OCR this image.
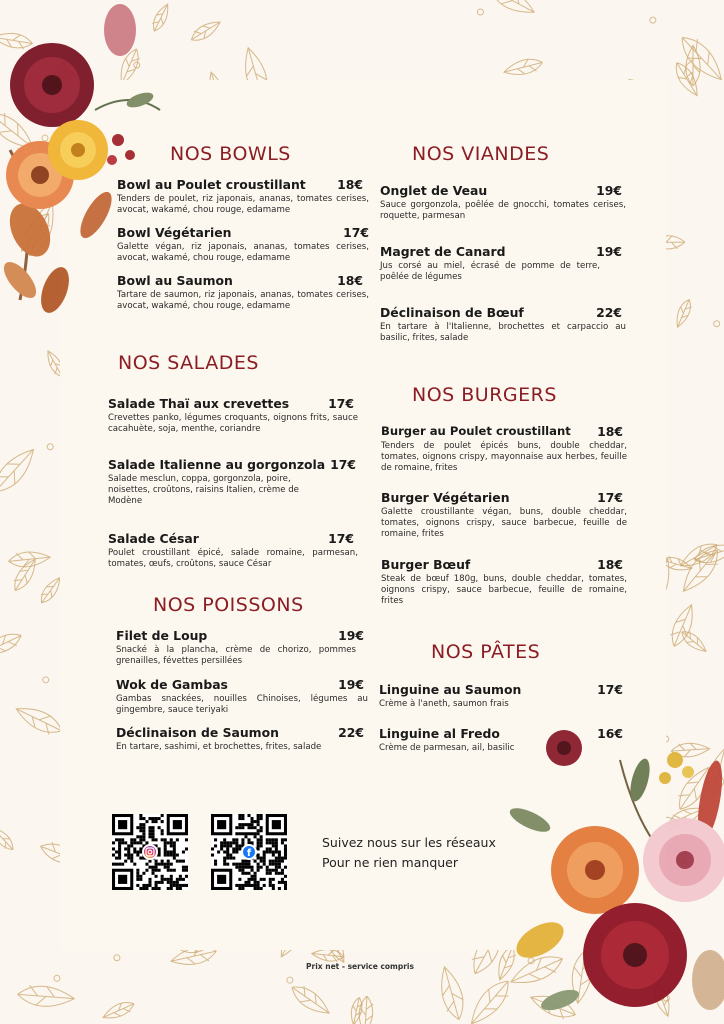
NOS BOWLS	NOS VIANDES
NOS SALADES
NOS BURGERS
NOS POISSONS
NOS PÂTES
Bowl au Poulet croustillant	18€
Tenders de poulet, riz japonais, ananas, tomates cerises, avocat, wakamé, chou rouge, edamame
Bowl Végétarien	17€
Galette végan, riz japonais, ananas, tomates cerises, avocat, wakamé, chou rouge, edamame
Bowl au Saumon	18€
Tartare de saumon, riz japonais, ananas, tomates cerises, avocat, wakamé, chou rouge, edamame
Onglet de Veau	19€
Sauce gorgonzola, poêlée de gnocchi, tomates cerises, roquette, parmesan
Magret de Canard	19€
Jus corsé au miel, écrasé de pomme de terre, poêlée de légumes
Déclinaison de Bœuf	22€
En tartare à l'Italienne, brochettes et carpaccio au basilic, frites, salade
Salade Thaï aux crevettes	17€
Crevettes panko, légumes croquants, oignons frits, sauce cacahuète, soja, menthe, coriandre
Salade Italienne au gorgonzola 17€
Salade mesclun, coppa, gorgonzola, poire, noisettes, croûtons, raisins Italien, crème de Modène
Salade César	17€
Poulet croustillant épicé, salade romaine, parmesan, tomates, œufs, croûtons, sauce César
Burger au Poulet croustillant 18€
Tenders de poulet épicés buns, double cheddar, tomates, oignons crispy, mayonnaise aux herbes, feuille de romaine, frites
Burger Végétarien	17€
Galette croustillante végan, buns, double cheddar, tomates, oignons crispy, sauce barbecue, feuille de romaine, frites
Burger Bœuf	18€
Steak de bœuf 180g, buns, double cheddar, tomates, oignons crispy, sauce barbecue, feuille de romaine, frites
Filet de Loup	19€
Snacké à la plancha, crème de chorizo, pommes grenailles, févettes persillées
Wok de Gambas	19€
Gambas snackées, nouilles Chinoises, légumes au gingembre, sauce teriyaki
Déclinaison de Saumon	22€
En tartare, sashimi, et brochettes, frites, salade
Linguine au Saumon	17€
Crème à l'aneth, saumon frais
Linguine al Fredo	16€
Crème de parmesan, ail, basilic
f
Suivez nous sur les réseaux
Pour ne rien manquer
Prix net - service compris
